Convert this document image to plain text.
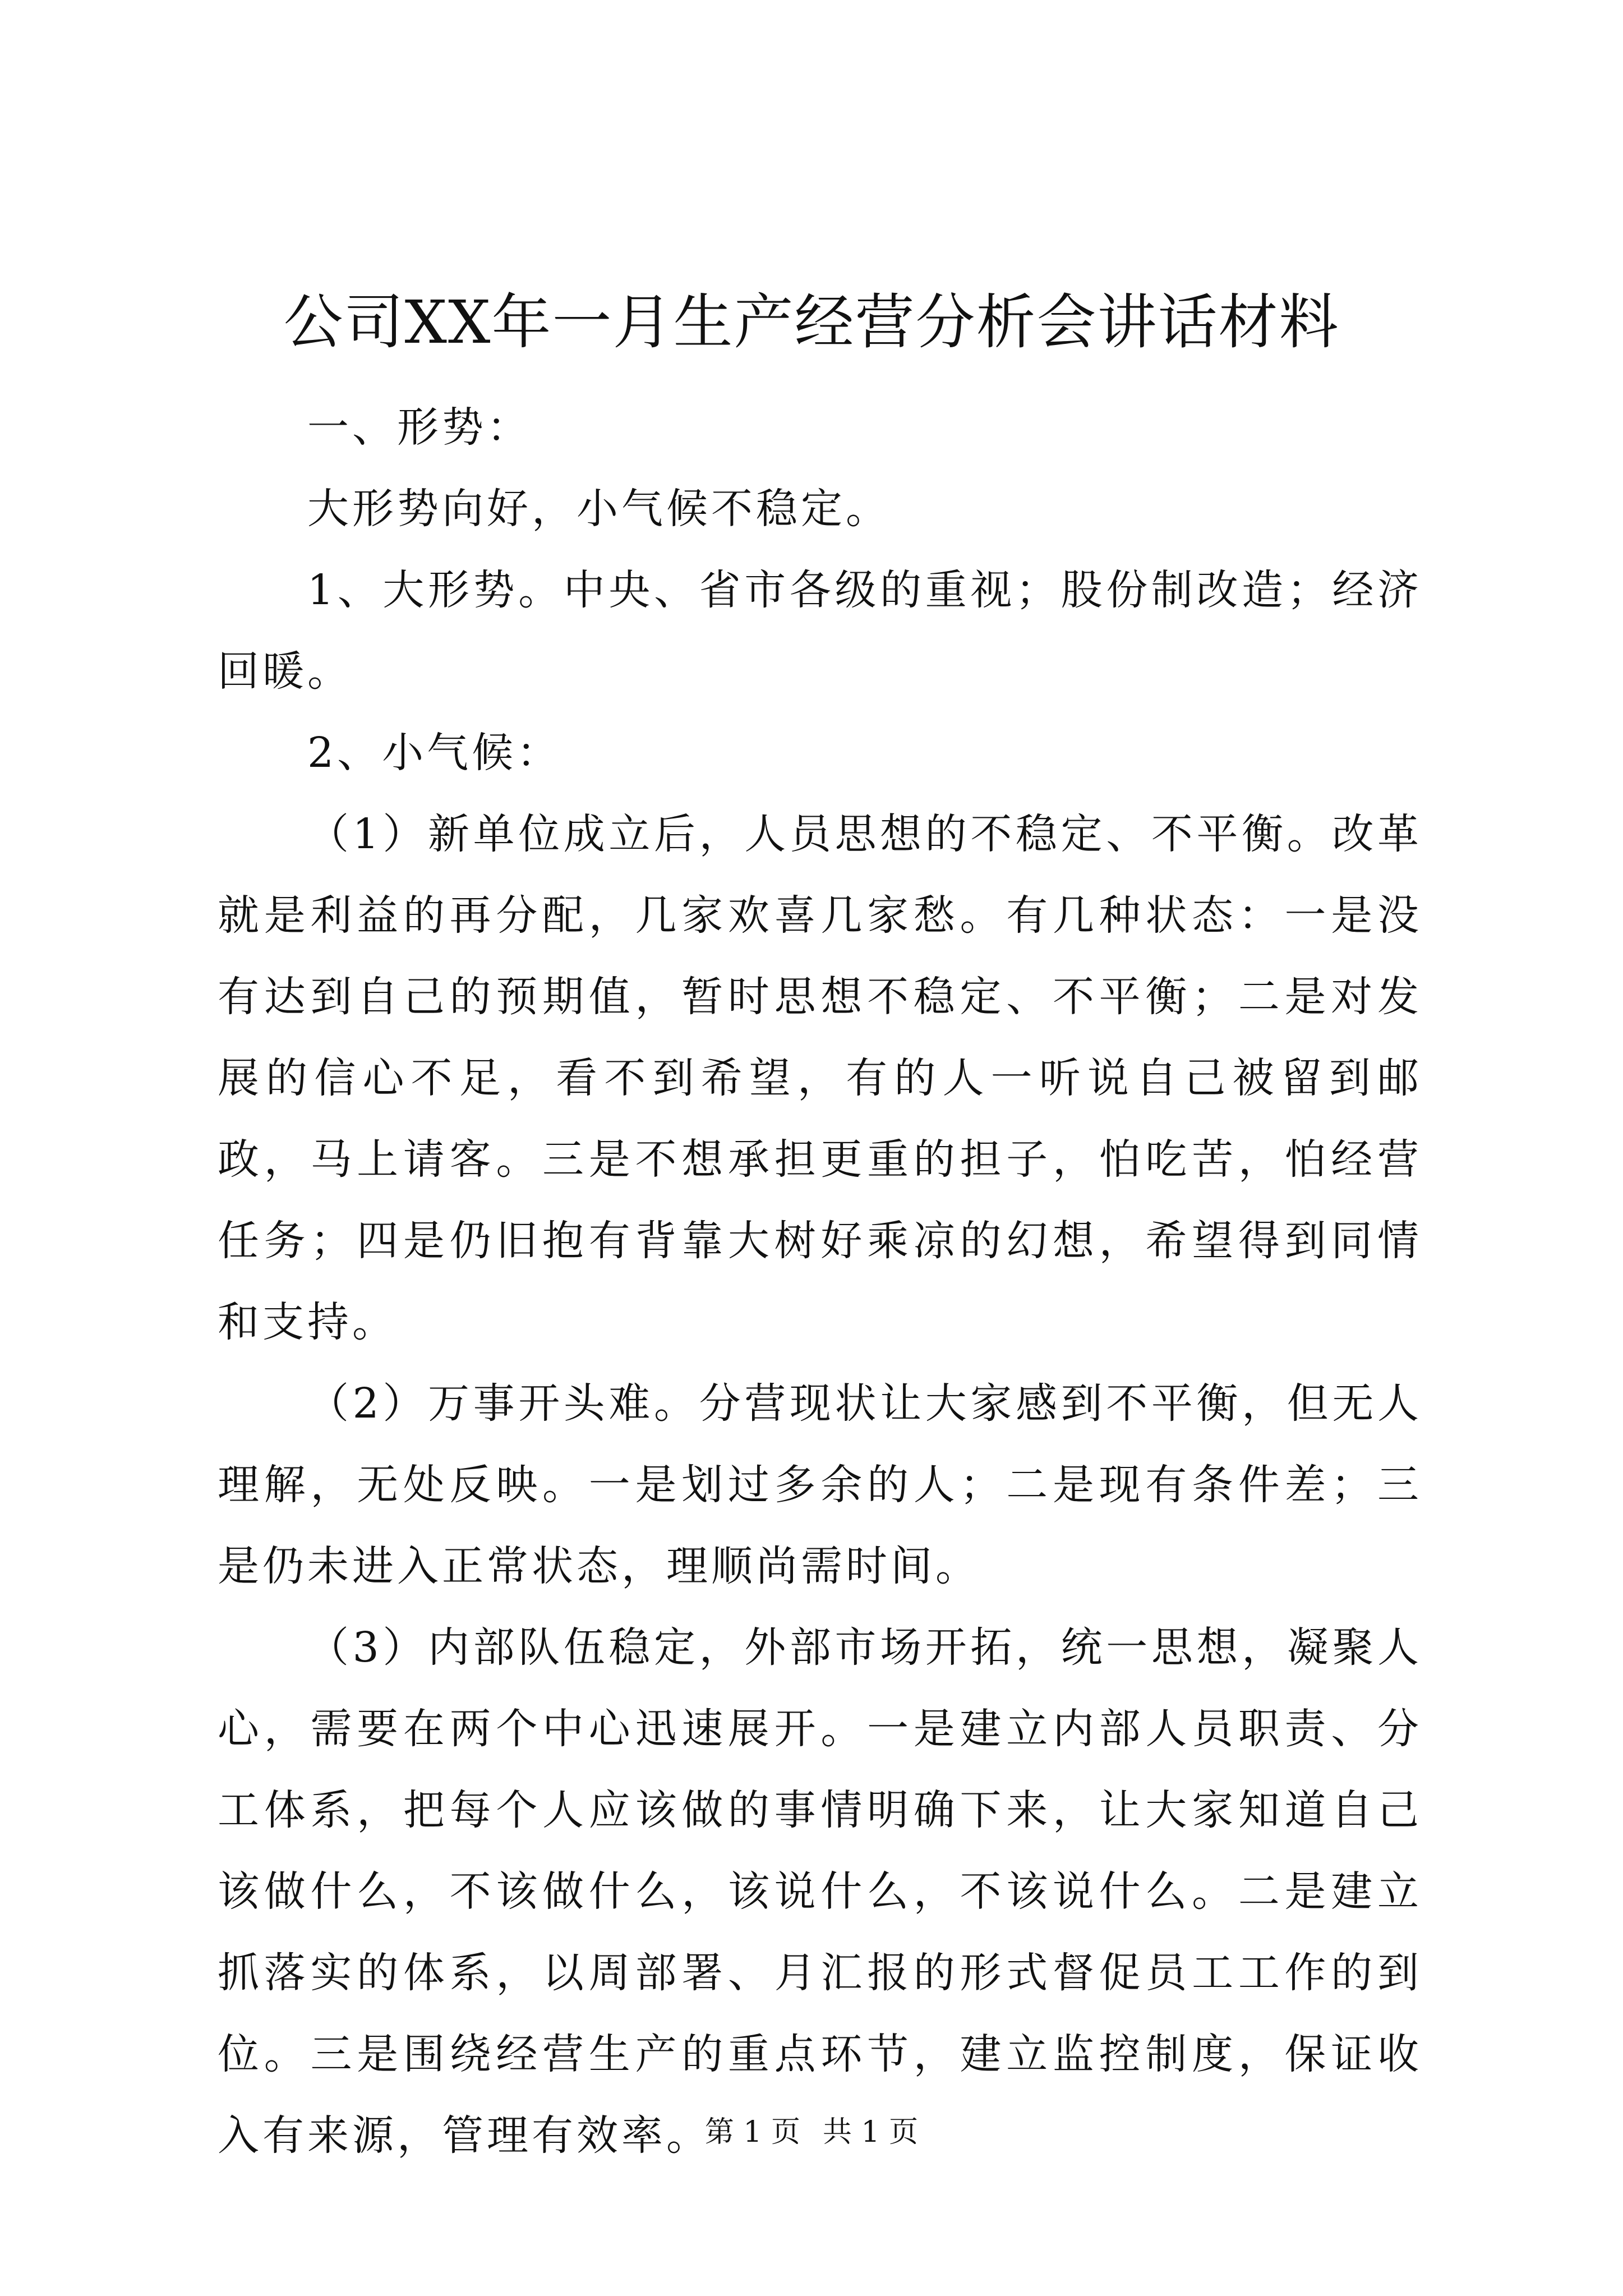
公司XX年一月生产经营分析会讲话材料

一、形势：

大形势向好，小气候不稳定。

1、大形势。中央、省市各级的重视；股份制改造；经济回暖。

2、小气候：

（1）新单位成立后，人员思想的不稳定、不平衡。改革就是利益的再分配，几家欢喜几家愁。有几种状态：一是没有达到自己的预期值，暂时思想不稳定、不平衡；二是对发展的信心不足，看不到希望，有的人一听说自己被留到邮政，马上请客。三是不想承担更重的担子，怕吃苦，怕经营任务；四是仍旧抱有背靠大树好乘凉的幻想，希望得到同情和支持。

（2）万事开头难。分营现状让大家感到不平衡，但无人理解，无处反映。一是划过多余的人；二是现有条件差；三是仍未进入正常状态，理顺尚需时间。

（3）内部队伍稳定，外部市场开拓，统一思想，凝聚人心，需要在两个中心迅速展开。一是建立内部人员职责、分工体系，把每个人应该做的事情明确下来，让大家知道自己该做什么，不该做什么，该说什么，不该说什么。二是建立抓落实的体系，以周部署、月汇报的形式督促员工工作的到位。三是围绕经营生产的重点环节，建立监控制度，保证收入有来源，管理有效率。

第 1 页 共 1 页
